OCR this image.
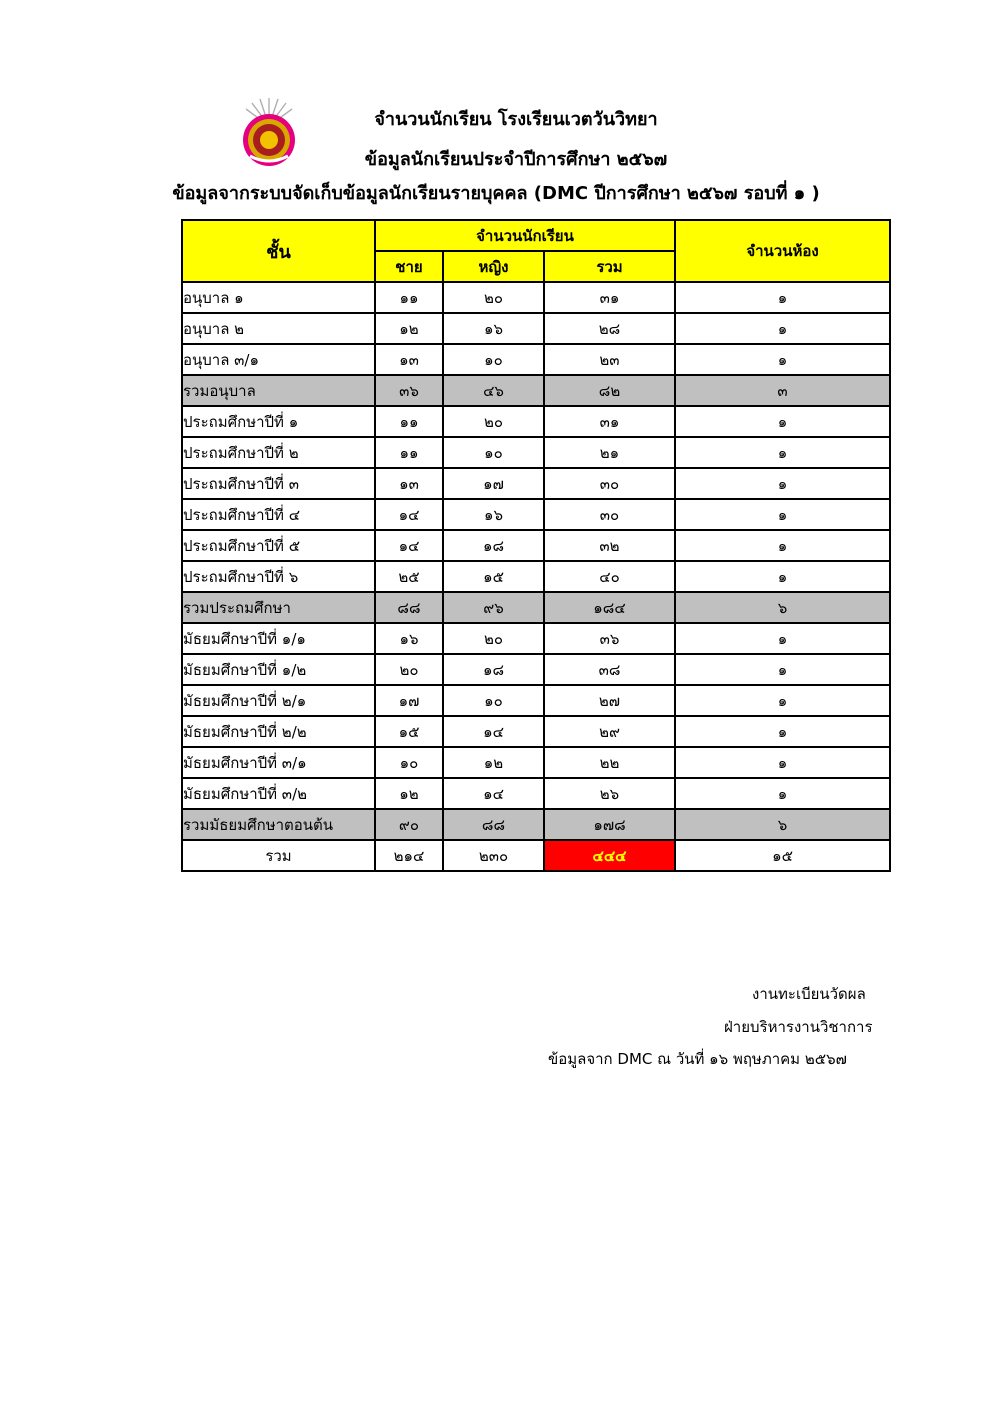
จำนวนนักเรียน โรงเรียนเวตวันวิทยา
ข้อมูลนักเรียนประจำปีการศึกษา ๒๕๖๗
ข้อมูลจากระบบจัดเก็บข้อมูลนักเรียนรายบุคคล (DMC ปีการศึกษา ๒๕๖๗ รอบที่ ๑ )
ชั้น	จำนวนนักเรียน			จำนวนห้อง
	ชาย	หญิง	รวม	
อนุบาล ๑	๑๑	๒๐	๓๑	๑
อนุบาล ๒	๑๒	๑๖	๒๘	๑
อนุบาล ๓/๑	๑๓	๑๐	๒๓	๑
รวมอนุบาล	๓๖	๔๖	๘๒	๓
ประถมศึกษาปีที่ ๑	๑๑	๒๐	๓๑	๑
ประถมศึกษาปีที่ ๒	๑๑	๑๐	๒๑	๑
ประถมศึกษาปีที่ ๓	๑๓	๑๗	๓๐	๑
ประถมศึกษาปีที่ ๔	๑๔	๑๖	๓๐	๑
ประถมศึกษาปีที่ ๕	๑๔	๑๘	๓๒	๑
ประถมศึกษาปีที่ ๖	๒๕	๑๕	๔๐	๑
รวมประถมศึกษา	๘๘	๙๖	๑๘๔	๖
มัธยมศึกษาปีที่ ๑/๑	๑๖	๒๐	๓๖	๑
มัธยมศึกษาปีที่ ๑/๒	๒๐	๑๘	๓๘	๑
มัธยมศึกษาปีที่ ๒/๑	๑๗	๑๐	๒๗	๑
มัธยมศึกษาปีที่ ๒/๒	๑๕	๑๔	๒๙	๑
มัธยมศึกษาปีที่ ๓/๑	๑๐	๑๒	๒๒	๑
มัธยมศึกษาปีที่ ๓/๒	๑๒	๑๔	๒๖	๑
รวมมัธยมศึกษาตอนต้น	๙๐	๘๘	๑๗๘	๖
รวม	๒๑๔	๒๓๐	๔๔๔	๑๕
งานทะเบียนวัดผล
ฝ่ายบริหารงานวิชาการ
ข้อมูลจาก DMC ณ วันที่ ๑๖ พฤษภาคม ๒๕๖๗
